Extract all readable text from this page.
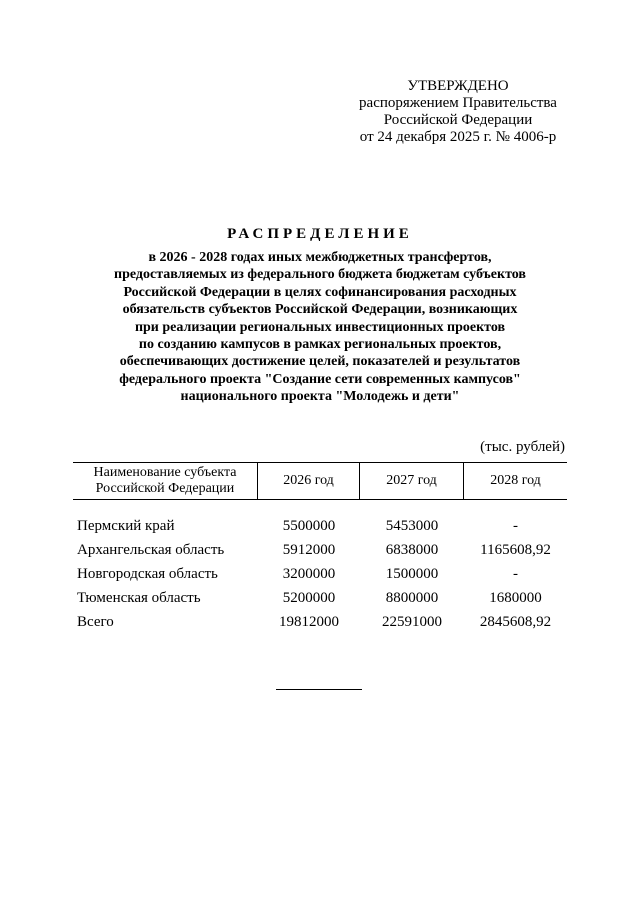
УТВЕРЖДЕНО
распоряжением Правительства
Российской Федерации
от 24 декабря 2025 г. № 4006-р
РАСПРЕДЕЛЕНИЕ
в 2026 - 2028 годах иных межбюджетных трансфертов,
предоставляемых из федерального бюджета бюджетам субъектов
Российской Федерации в целях софинансирования расходных
обязательств субъектов Российской Федерации, возникающих
при реализации региональных инвестиционных проектов
по созданию кампусов в рамках региональных проектов,
обеспечивающих достижение целей, показателей и результатов
федерального проекта "Создание сети современных кампусов"
национального проекта "Молодежь и дети"
(тыс. рублей)
Наименование субъекта
Российской Федерации
2026 год	2027 год	2028 год
Пермский край	5500000	5453000	-
Архангельская область	5912000	6838000	1165608,92
Новгородская область	3200000	1500000	-
Тюменская область	5200000	8800000	1680000
Всего	19812000	22591000	2845608,92
